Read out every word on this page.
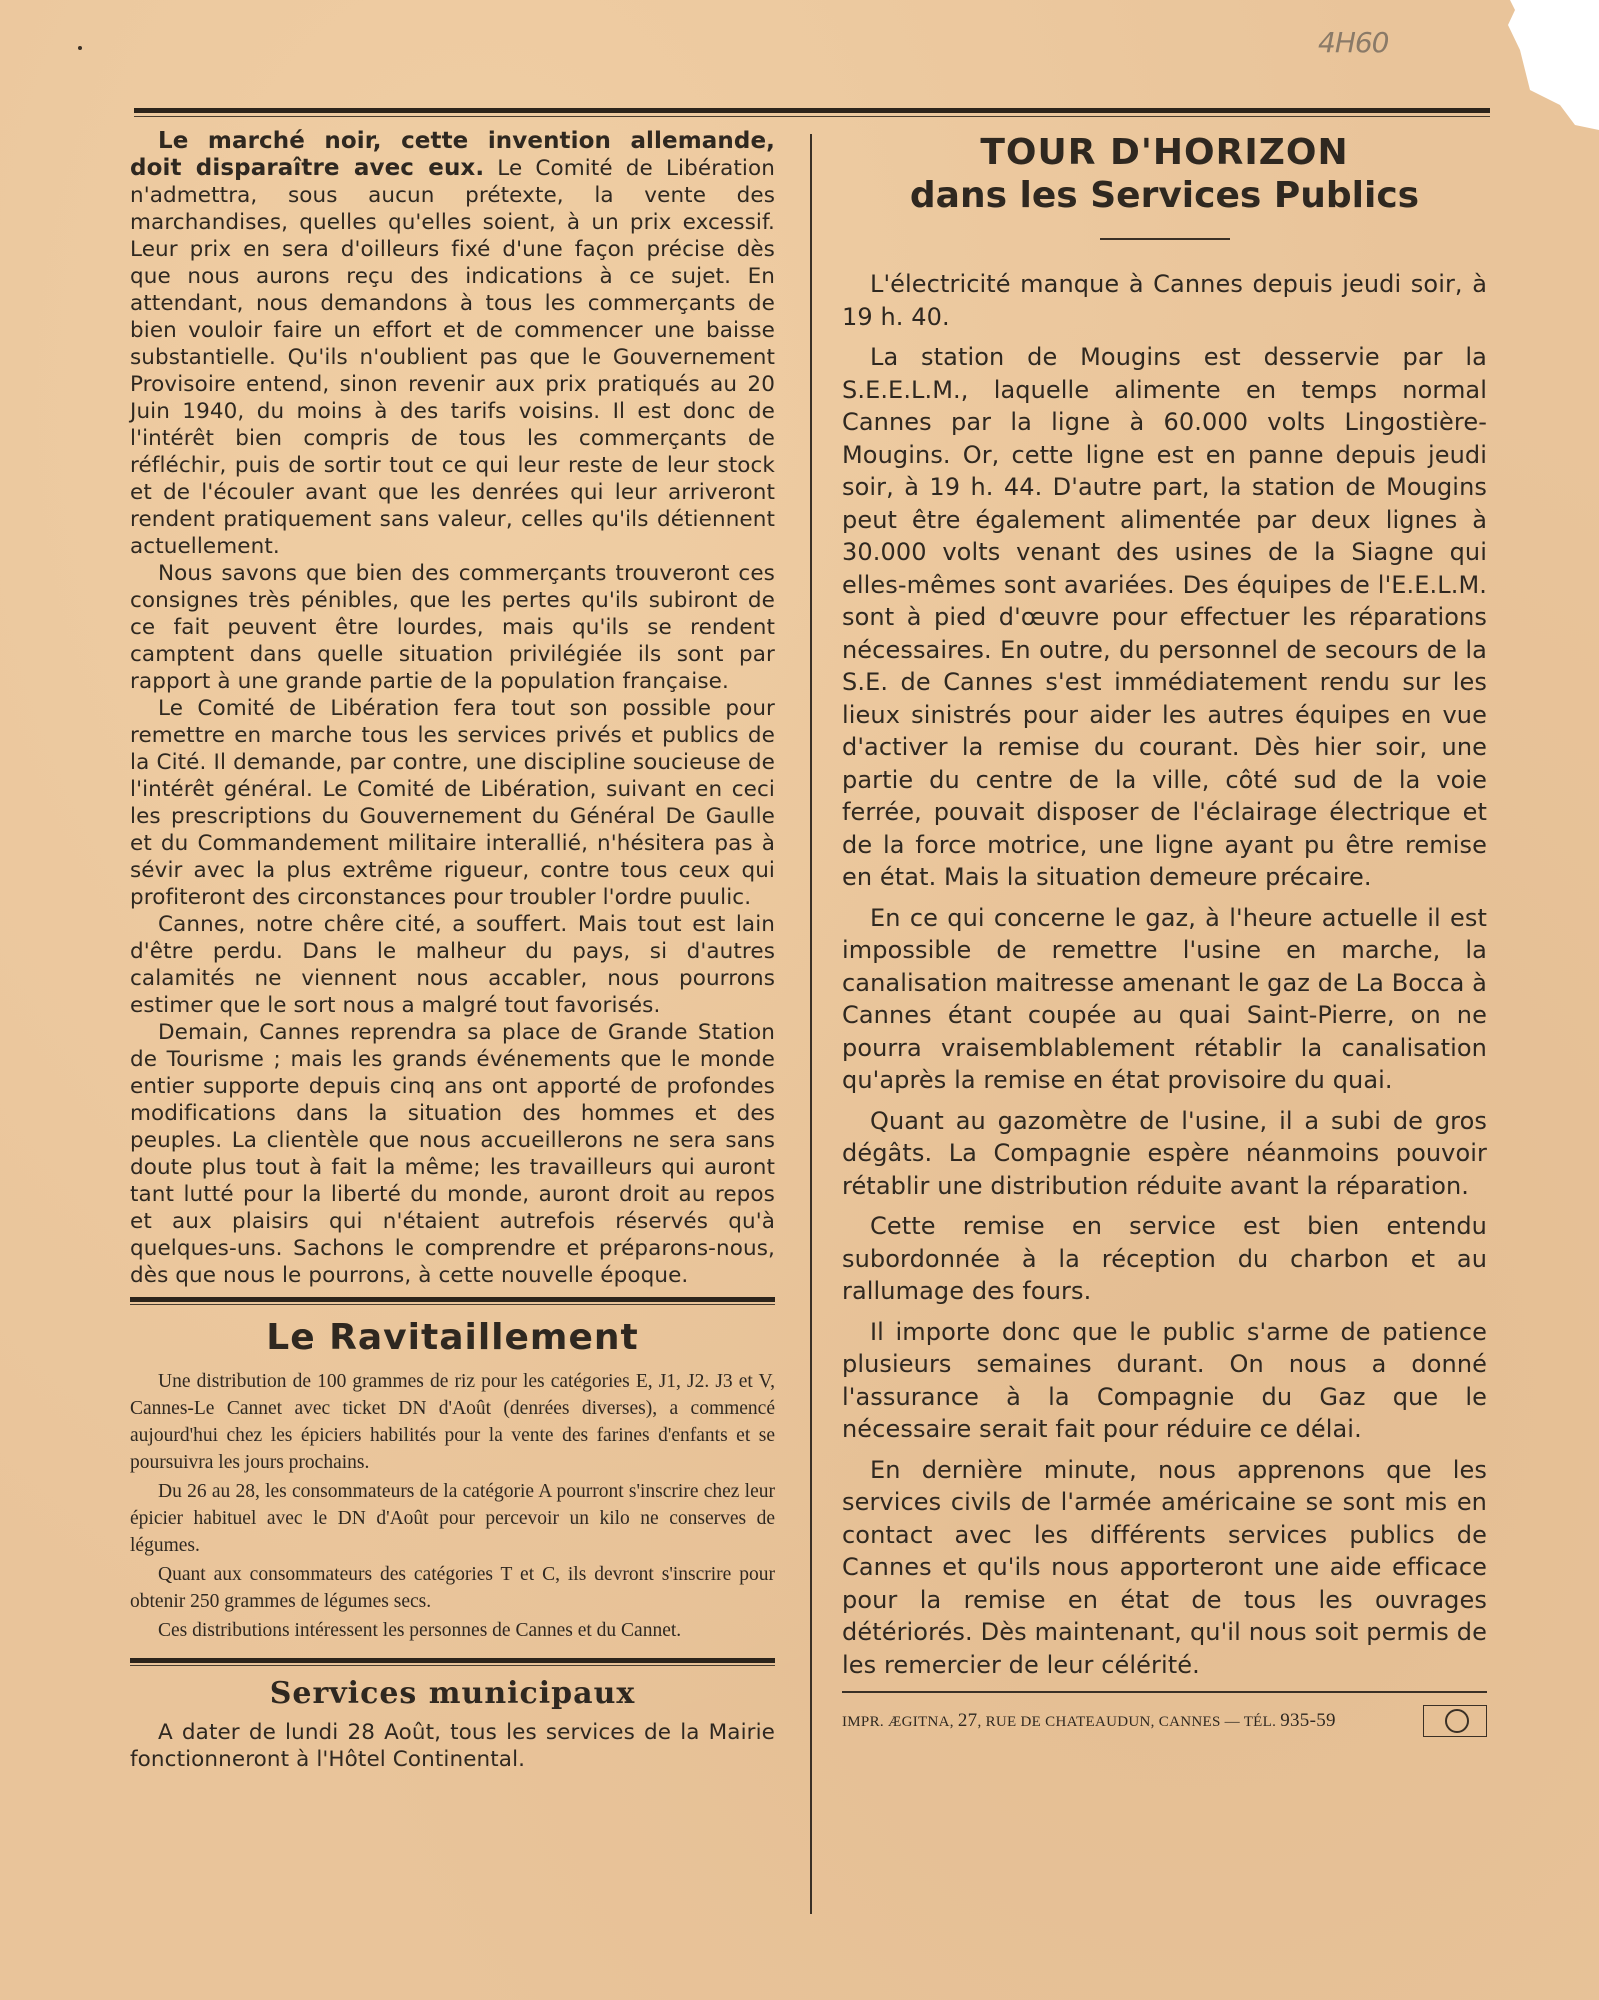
4H60

Le marché noir, cette invention allemande, doit disparaître avec eux. Le Comité de Libération n'admettra, sous aucun prétexte, la vente des marchandises, quelles qu'elles soient, à un prix excessif. Leur prix en sera d'oilleurs fixé d'une façon précise dès que nous aurons reçu des indications à ce sujet. En attendant, nous demandons à tous les commerçants de bien vouloir faire un effort et de commencer une baisse substantielle. Qu'ils n'oublient pas que le Gouvernement Provisoire entend, sinon revenir aux prix pratiqués au 20 Juin 1940, du moins à des tarifs voisins. Il est donc de l'intérêt bien compris de tous les commerçants de réfléchir, puis de sortir tout ce qui leur reste de leur stock et de l'écouler avant que les denrées qui leur arriveront rendent pratiquement sans valeur, celles qu'ils détiennent actuellement.

Nous savons que bien des commerçants trouveront ces consignes très pénibles, que les pertes qu'ils subiront de ce fait peuvent être lourdes, mais qu'ils se rendent camptent dans quelle situation privilégiée ils sont par rapport à une grande partie de la population française.

Le Comité de Libération fera tout son possible pour remettre en marche tous les services privés et publics de la Cité. Il demande, par contre, une discipline soucieuse de l'intérêt général. Le Comité de Libération, suivant en ceci les prescriptions du Gouvernement du Général De Gaulle et du Commandement militaire interallié, n'hésitera pas à sévir avec la plus extrême rigueur, contre tous ceux qui profiteront des circonstances pour troubler l'ordre puulic.

Cannes, notre chêre cité, a souffert. Mais tout est lain d'être perdu. Dans le malheur du pays, si d'autres calamités ne viennent nous accabler, nous pourrons estimer que le sort nous a malgré tout favorisés.

Demain, Cannes reprendra sa place de Grande Station de Tourisme ; mais les grands événements que le monde entier supporte depuis cinq ans ont apporté de profondes modifications dans la situation des hommes et des peuples. La clientèle que nous accueillerons ne sera sans doute plus tout à fait la même; les travailleurs qui auront tant lutté pour la liberté du monde, auront droit au repos et aux plaisirs qui n'étaient autrefois réservés qu'à quelques-uns. Sachons le comprendre et préparons-nous, dès que nous le pourrons, à cette nouvelle époque.

Le Ravitaillement

Une distribution de 100 grammes de riz pour les catégories E, J1, J2. J3 et V, Cannes-Le Cannet avec ticket DN d'Août (denrées diverses), a commencé aujourd'hui chez les épiciers habilités pour la vente des farines d'enfants et se poursuivra les jours prochains.

Du 26 au 28, les consommateurs de la catégorie A pourront s'inscrire chez leur épicier habituel avec le DN d'Août pour percevoir un kilo ne conserves de légumes.

Quant aux consommateurs des catégories T et C, ils devront s'inscrire pour obtenir 250 grammes de légumes secs.

Ces distributions intéressent les personnes de Cannes et du Cannet.

Services municipaux

A dater de lundi 28 Août, tous les services de la Mairie fonctionneront à l'Hôtel Continental.

TOUR D'HORIZON
dans les Services Publics

L'électricité manque à Cannes depuis jeudi soir, à 19 h. 40.

La station de Mougins est desservie par la S.E.E.L.M., laquelle alimente en temps normal Cannes par la ligne à 60.000 volts Lingostière-Mougins. Or, cette ligne est en panne depuis jeudi soir, à 19 h. 44. D'autre part, la station de Mougins peut être également alimentée par deux lignes à 30.000 volts venant des usines de la Siagne qui elles-mêmes sont avariées. Des équipes de l'E.E.L.M. sont à pied d'œuvre pour effectuer les réparations nécessaires. En outre, du personnel de secours de la S.E. de Cannes s'est immédiatement rendu sur les lieux sinistrés pour aider les autres équipes en vue d'activer la remise du courant. Dès hier soir, une partie du centre de la ville, côté sud de la voie ferrée, pouvait disposer de l'éclairage électrique et de la force motrice, une ligne ayant pu être remise en état. Mais la situation demeure précaire.

En ce qui concerne le gaz, à l'heure actuelle il est impossible de remettre l'usine en marche, la canalisation maitresse amenant le gaz de La Bocca à Cannes étant coupée au quai Saint-Pierre, on ne pourra vraisemblablement rétablir la canalisation qu'après la remise en état provisoire du quai.

Quant au gazomètre de l'usine, il a subi de gros dégâts. La Compagnie espère néanmoins pouvoir rétablir une distribution réduite avant la réparation.

Cette remise en service est bien entendu subordonnée à la réception du charbon et au rallumage des fours.

Il importe donc que le public s'arme de patience plusieurs semaines durant. On nous a donné l'assurance à la Compagnie du Gaz que le nécessaire serait fait pour réduire ce délai.

En dernière minute, nous apprenons que les services civils de l'armée américaine se sont mis en contact avec les différents services publics de Cannes et qu'ils nous apporteront une aide efficace pour la remise en état de tous les ouvrages détériorés. Dès maintenant, qu'il nous soit permis de les remercier de leur célérité.

IMPR. ÆGITNA, 27, RUE DE CHATEAUDUN, CANNES — TÉL. 935-59
